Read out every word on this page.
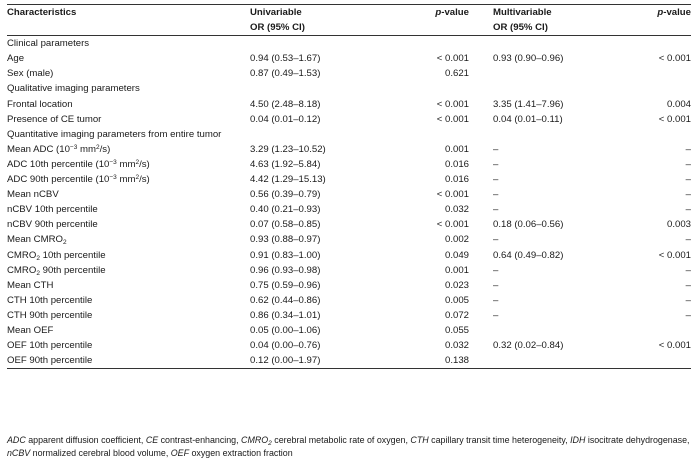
Characteristics	Univariable	p-value	Multivariable	p-value
	OR (95% CI)		OR (95% CI)	
Clinical parameters				
Age	0.94 (0.53–1.67)	< 0.001	0.93 (0.90–0.96)	< 0.001
Sex (male)	0.87 (0.49–1.53)	0.621		
Qualitative imaging parameters				
Frontal location	4.50 (2.48–8.18)	< 0.001	3.35 (1.41–7.96)	0.004
Presence of CE tumor	0.04 (0.01–0.12)	< 0.001	0.04 (0.01–0.11)	< 0.001
Quantitative imaging parameters from entire tumor				
Mean ADC ($10^{-3}$ $mm^2/s$)	3.29 (1.23–10.52)	0.001	–	–
ADC 10th percentile ($10^{-3}$ $mm^2/s$)	4.63 (1.92–5.84)	0.016	–	–
ADC 90th percentile ($10^{-3}$ $mm^2/s$)	4.42 (1.29–15.13)	0.016	–	–
Mean nCBV	0.56 (0.39–0.79)	< 0.001	–	–
nCBV 10th percentile	0.40 (0.21–0.93)	0.032	–	–
nCBV 90th percentile	0.07 (0.58–0.85)	< 0.001	0.18 (0.06–0.56)	0.003
Mean $CMRO_2$	0.93 (0.88–0.97)	0.002	–	–
$CMRO_2$ 10th percentile	0.91 (0.83–1.00)	0.049	0.64 (0.49–0.82)	< 0.001
$CMRO_2$ 90th percentile	0.96 (0.93–0.98)	0.001	–	–
Mean CTH	0.75 (0.59–0.96)	0.023	–	–
CTH 10th percentile	0.62 (0.44–0.86)	0.005	–	–
CTH 90th percentile	0.86 (0.34–1.01)	0.072	–	–
Mean OEF	0.05 (0.00–1.06)	0.055		
OEF 10th percentile	0.04 (0.00–0.76)	0.032	0.32 (0.02–0.84)	< 0.001
OEF 90th percentile	0.12 (0.00–1.97)	0.138		
ADC apparent diffusion coefficient, CE contrast-enhancing, $CMRO_2$ cerebral metabolic rate of oxygen, CTH capillary transit time heterogeneity, IDH isocitrate dehydrogenase, nCBV normalized cerebral blood volume, OEF oxygen extraction fraction
